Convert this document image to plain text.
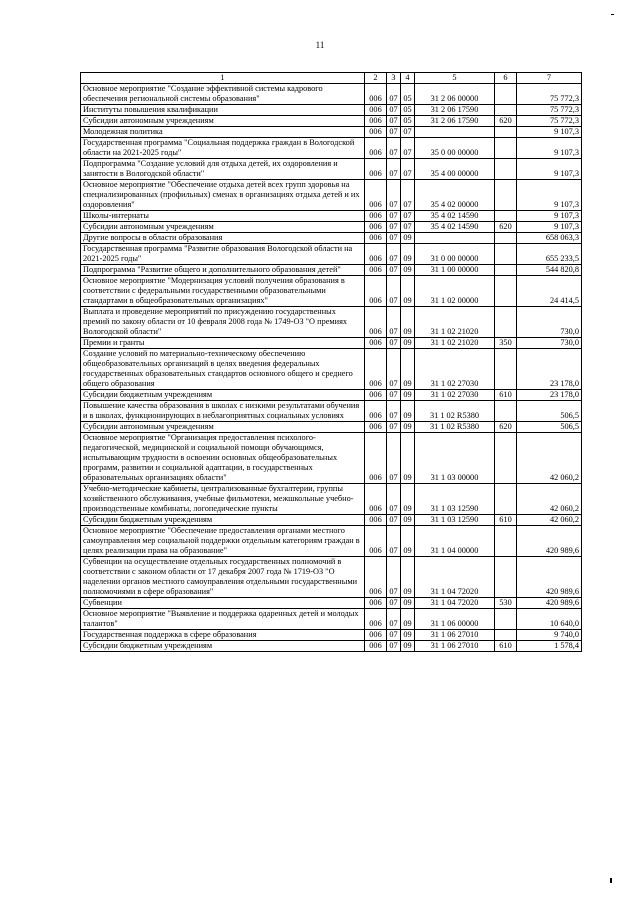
11
1	2	3	4	5	6	7
Основное мероприятие "Создание эффективной системы кадрового обеспечения региональной системы образования"	006	07	05	31 2 06 00000		75 772,3
Институты повышения квалификации	006	07	05	31 2 06 17590		75 772,3
Субсидии автономным учреждениям	006	07	05	31 2 06 17590	620	75 772,3
Молодежная политика	006	07	07			9 107,3
Государственная программа "Социальная поддержка граждан в Вологодской области на 2021-2025 годы"	006	07	07	35 0 00 00000		9 107,3
Подпрограмма "Создание условий для отдыха детей, их оздоровления и занятости в Вологодской области"	006	07	07	35 4 00 00000		9 107,3
Основное мероприятие "Обеспечение отдыха детей всех групп здоровья на специализированных (профильных) сменах в организациях отдыха детей и их оздоровления"	006	07	07	35 4 02 00000		9 107,3
Школы-интернаты	006	07	07	35 4 02 14590		9 107,3
Субсидии автономным учреждениям	006	07	07	35 4 02 14590	620	9 107,3
Другие вопросы в области образования	006	07	09			658 063,3
Государственная программа "Развитие образования Вологодской области на 2021-2025 годы"	006	07	09	31 0 00 00000		655 233,5
Подпрограмма "Развитие общего и дополнительного образования детей"	006	07	09	31 1 00 00000		544 820,8
Основное мероприятие "Модернизация условий получения образования в соответствии с федеральными государственными образовательными стандартами в общеобразовательных организациях"	006	07	09	31 1 02 00000		24 414,5
Выплата и проведение мероприятий по присуждению государственных премий по закону области от 10 февраля 2008 года № 1749-ОЗ "О премиях Вологодской области"	006	07	09	31 1 02 21020		730,0
Премии и гранты	006	07	09	31 1 02 21020	350	730,0
Создание условий по материально-техническому обеспечению общеобразовательных организаций в целях введения федеральных государственных образовательных стандартов основного общего и среднего общего образования	006	07	09	31 1 02 27030		23 178,0
Субсидии бюджетным учреждениям	006	07	09	31 1 02 27030	610	23 178,0
Повышение качества образования в школах с низкими результатами обучения и в школах, функционирующих в неблагоприятных социальных условиях	006	07	09	31 1 02 R5380		506,5
Субсидии автономным учреждениям	006	07	09	31 1 02 R5380	620	506,5
Основное мероприятие "Организация предоставления психолого-педагогической, медицинской и социальной помощи обучающимся, испытывающим трудности в освоении основных общеобразовательных программ, развитии и социальной адаптации, в государственных образовательных организациях области"	006	07	09	31 1 03 00000		42 060,2
Учебно-методические кабинеты, централизованные бухгалтерии, группы хозяйственного обслуживания, учебные фильмотеки, межшкольные учебно-производственные комбинаты, логопедические пункты	006	07	09	31 1 03 12590		42 060,2
Субсидии бюджетным учреждениям	006	07	09	31 1 03 12590	610	42 060,2
Основное мероприятие "Обеспечение предоставления органами местного самоуправления мер социальной поддержки отдельным категориям граждан в целях реализации права на образование"	006	07	09	31 1 04 00000		420 989,6
Субвенции на осуществление отдельных государственных полномочий в соответствии с законом области от 17 декабря 2007 года № 1719-ОЗ "О наделении органов местного самоуправления отдельными государственными полномочиями в сфере образования"	006	07	09	31 1 04 72020		420 989,6
Субвенции	006	07	09	31 1 04 72020	530	420 989,6
Основное мероприятие "Выявление и поддержка одаренных детей и молодых талантов"	006	07	09	31 1 06 00000		10 640,0
Государственная поддержка в сфере образования	006	07	09	31 1 06 27010		9 740,0
Субсидии бюджетным учреждениям	006	07	09	31 1 06 27010	610	1 578,4
